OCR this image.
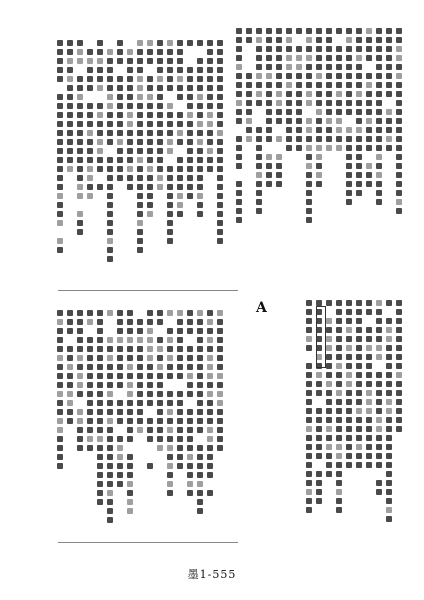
A
墨1-555
